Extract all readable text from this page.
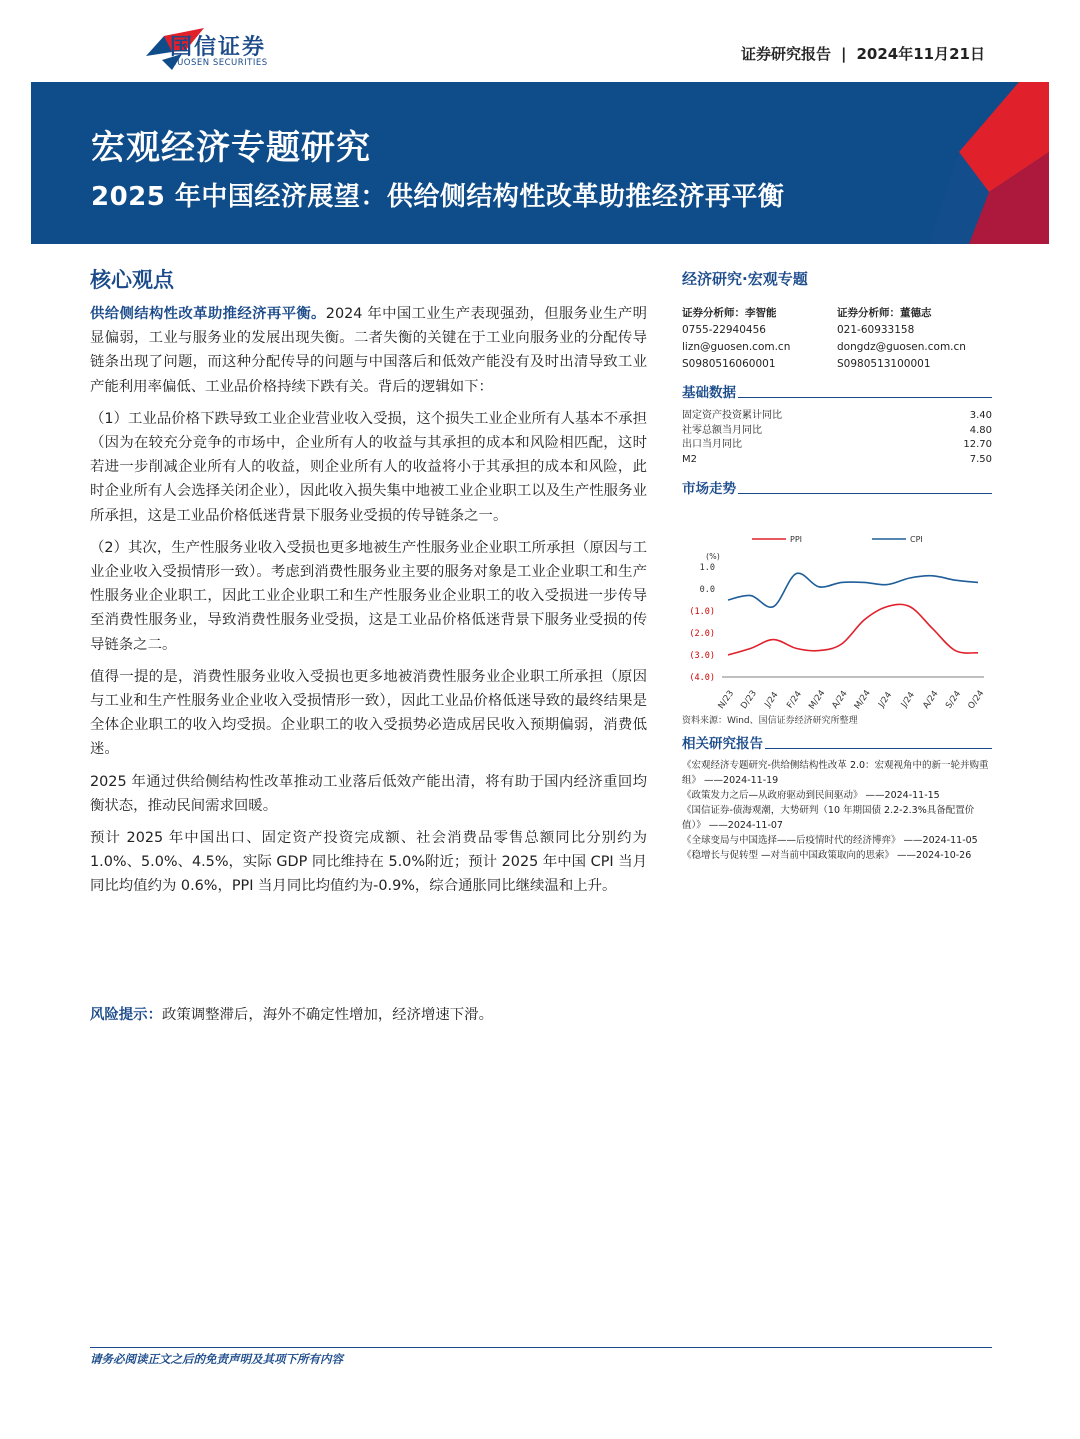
国信证券
GUOSEN SECURITIES	证券研究报告 | 2024年11月21日
宏观经济专题研究
2025 年中国经济展望：供给侧结构性改革助推经济再平衡
核心观点

供给侧结构性改革助推经济再平衡。2024 年中国工业生产表现强劲，但服务业生产明显偏弱，工业与服务业的发展出现失衡。二者失衡的关键在于工业向服务业的分配传导链条出现了问题，而这种分配传导的问题与中国落后和低效产能没有及时出清导致工业产能利用率偏低、工业品价格持续下跌有关。背后的逻辑如下：

（1）工业品价格下跌导致工业企业营业收入受损，这个损失工业企业所有人基本不承担（因为在较充分竞争的市场中，企业所有人的收益与其承担的成本和风险相匹配，这时若进一步削减企业所有人的收益，则企业所有人的收益将小于其承担的成本和风险，此时企业所有人会选择关闭企业），因此收入损失集中地被工业企业职工以及生产性服务业所承担，这是工业品价格低迷背景下服务业受损的传导链条之一。

（2）其次，生产性服务业收入受损也更多地被生产性服务业企业职工所承担（原因与工业企业收入受损情形一致）。考虑到消费性服务业主要的服务对象是工业企业职工和生产性服务业企业职工，因此工业企业职工和生产性服务业企业职工的收入受损进一步传导至消费性服务业，导致消费性服务业受损，这是工业品价格低迷背景下服务业受损的传导链条之二。

值得一提的是，消费性服务业收入受损也更多地被消费性服务业企业职工所承担（原因与工业和生产性服务业企业收入受损情形一致），因此工业品价格低迷导致的最终结果是全体企业职工的收入均受损。企业职工的收入受损势必造成居民收入预期偏弱，消费低迷。

2025 年通过供给侧结构性改革推动工业落后低效产能出清，将有助于国内经济重回均衡状态，推动民间需求回暖。

预计 2025 年中国出口、固定资产投资完成额、社会消费品零售总额同比分别约为 1.0%、5.0%、4.5%，实际 GDP 同比维持在 5.0%附近；预计 2025 年中国 CPI 当月同比均值约为 0.6%，PPI 当月同比均值约为-0.9%，综合通胀同比继续温和上升。

风险提示：政策调整滞后，海外不确定性增加，经济增速下滑。
经济研究·宏观专题
证券分析师：李智能
0755-22940456
lizn@guosen.com.cn
S0980516060001
证券分析师：董德志
021-60933158
dongdz@guosen.com.cn
S0980513100001
基础数据
固定资产投资累计同比	3.40
社零总额当月同比	4.80
出口当月同比	12.70
M2	7.50
市场走势
PPI	CPI
(%)
1.0
0.0
(1.0)
(2.0)
(3.0)
(4.0)
N/23 D/23 J/24 F/24 M/24 A/24 M/24 J/24 J/24 A/24 S/24 O/24
资料来源：Wind、国信证券经济研究所整理
相关研究报告
《宏观经济专题研究-供给侧结构性改革 2.0：宏观视角中的新一轮并购重组》 ——2024-11-19
《政策发力之后—从政府驱动到民间驱动》 ——2024-11-15
《国信证券-债海观潮，大势研判（10 年期国债 2.2-2.3%具备配置价值）》 ——2024-11-07
《全球变局与中国选择——后疫情时代的经济博弈》 ——2024-11-05
《稳增长与促转型 —对当前中国政策取向的思索》 ——2024-10-26
请务必阅读正文之后的免责声明及其项下所有内容
